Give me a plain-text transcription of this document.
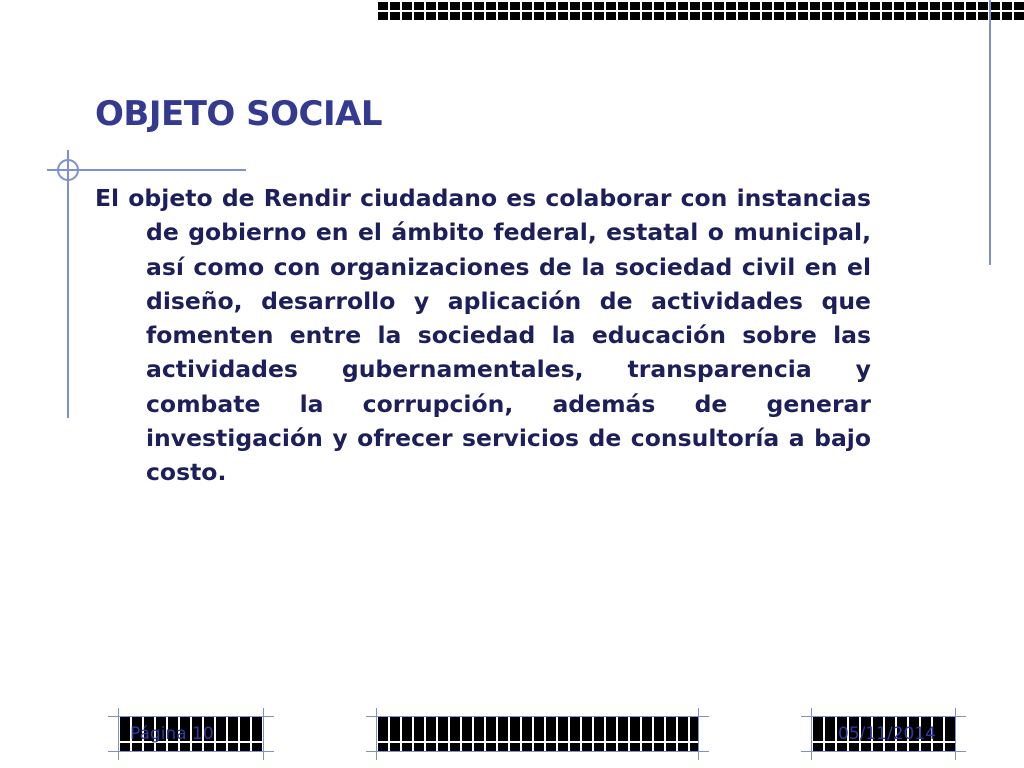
OBJETO SOCIAL

El objeto de Rendir ciudadano es colaborar con instancias de gobierno en el ámbito federal, estatal o municipal, así como con organizaciones de la sociedad civil en el diseño, desarrollo y aplicación de actividades que fomenten entre la sociedad la educación sobre las actividades gubernamentales, transparencia y combate la corrupción, además de generar investigación y ofrecer servicios de consultoría a bajo costo.

Página 10	05/11/2014
